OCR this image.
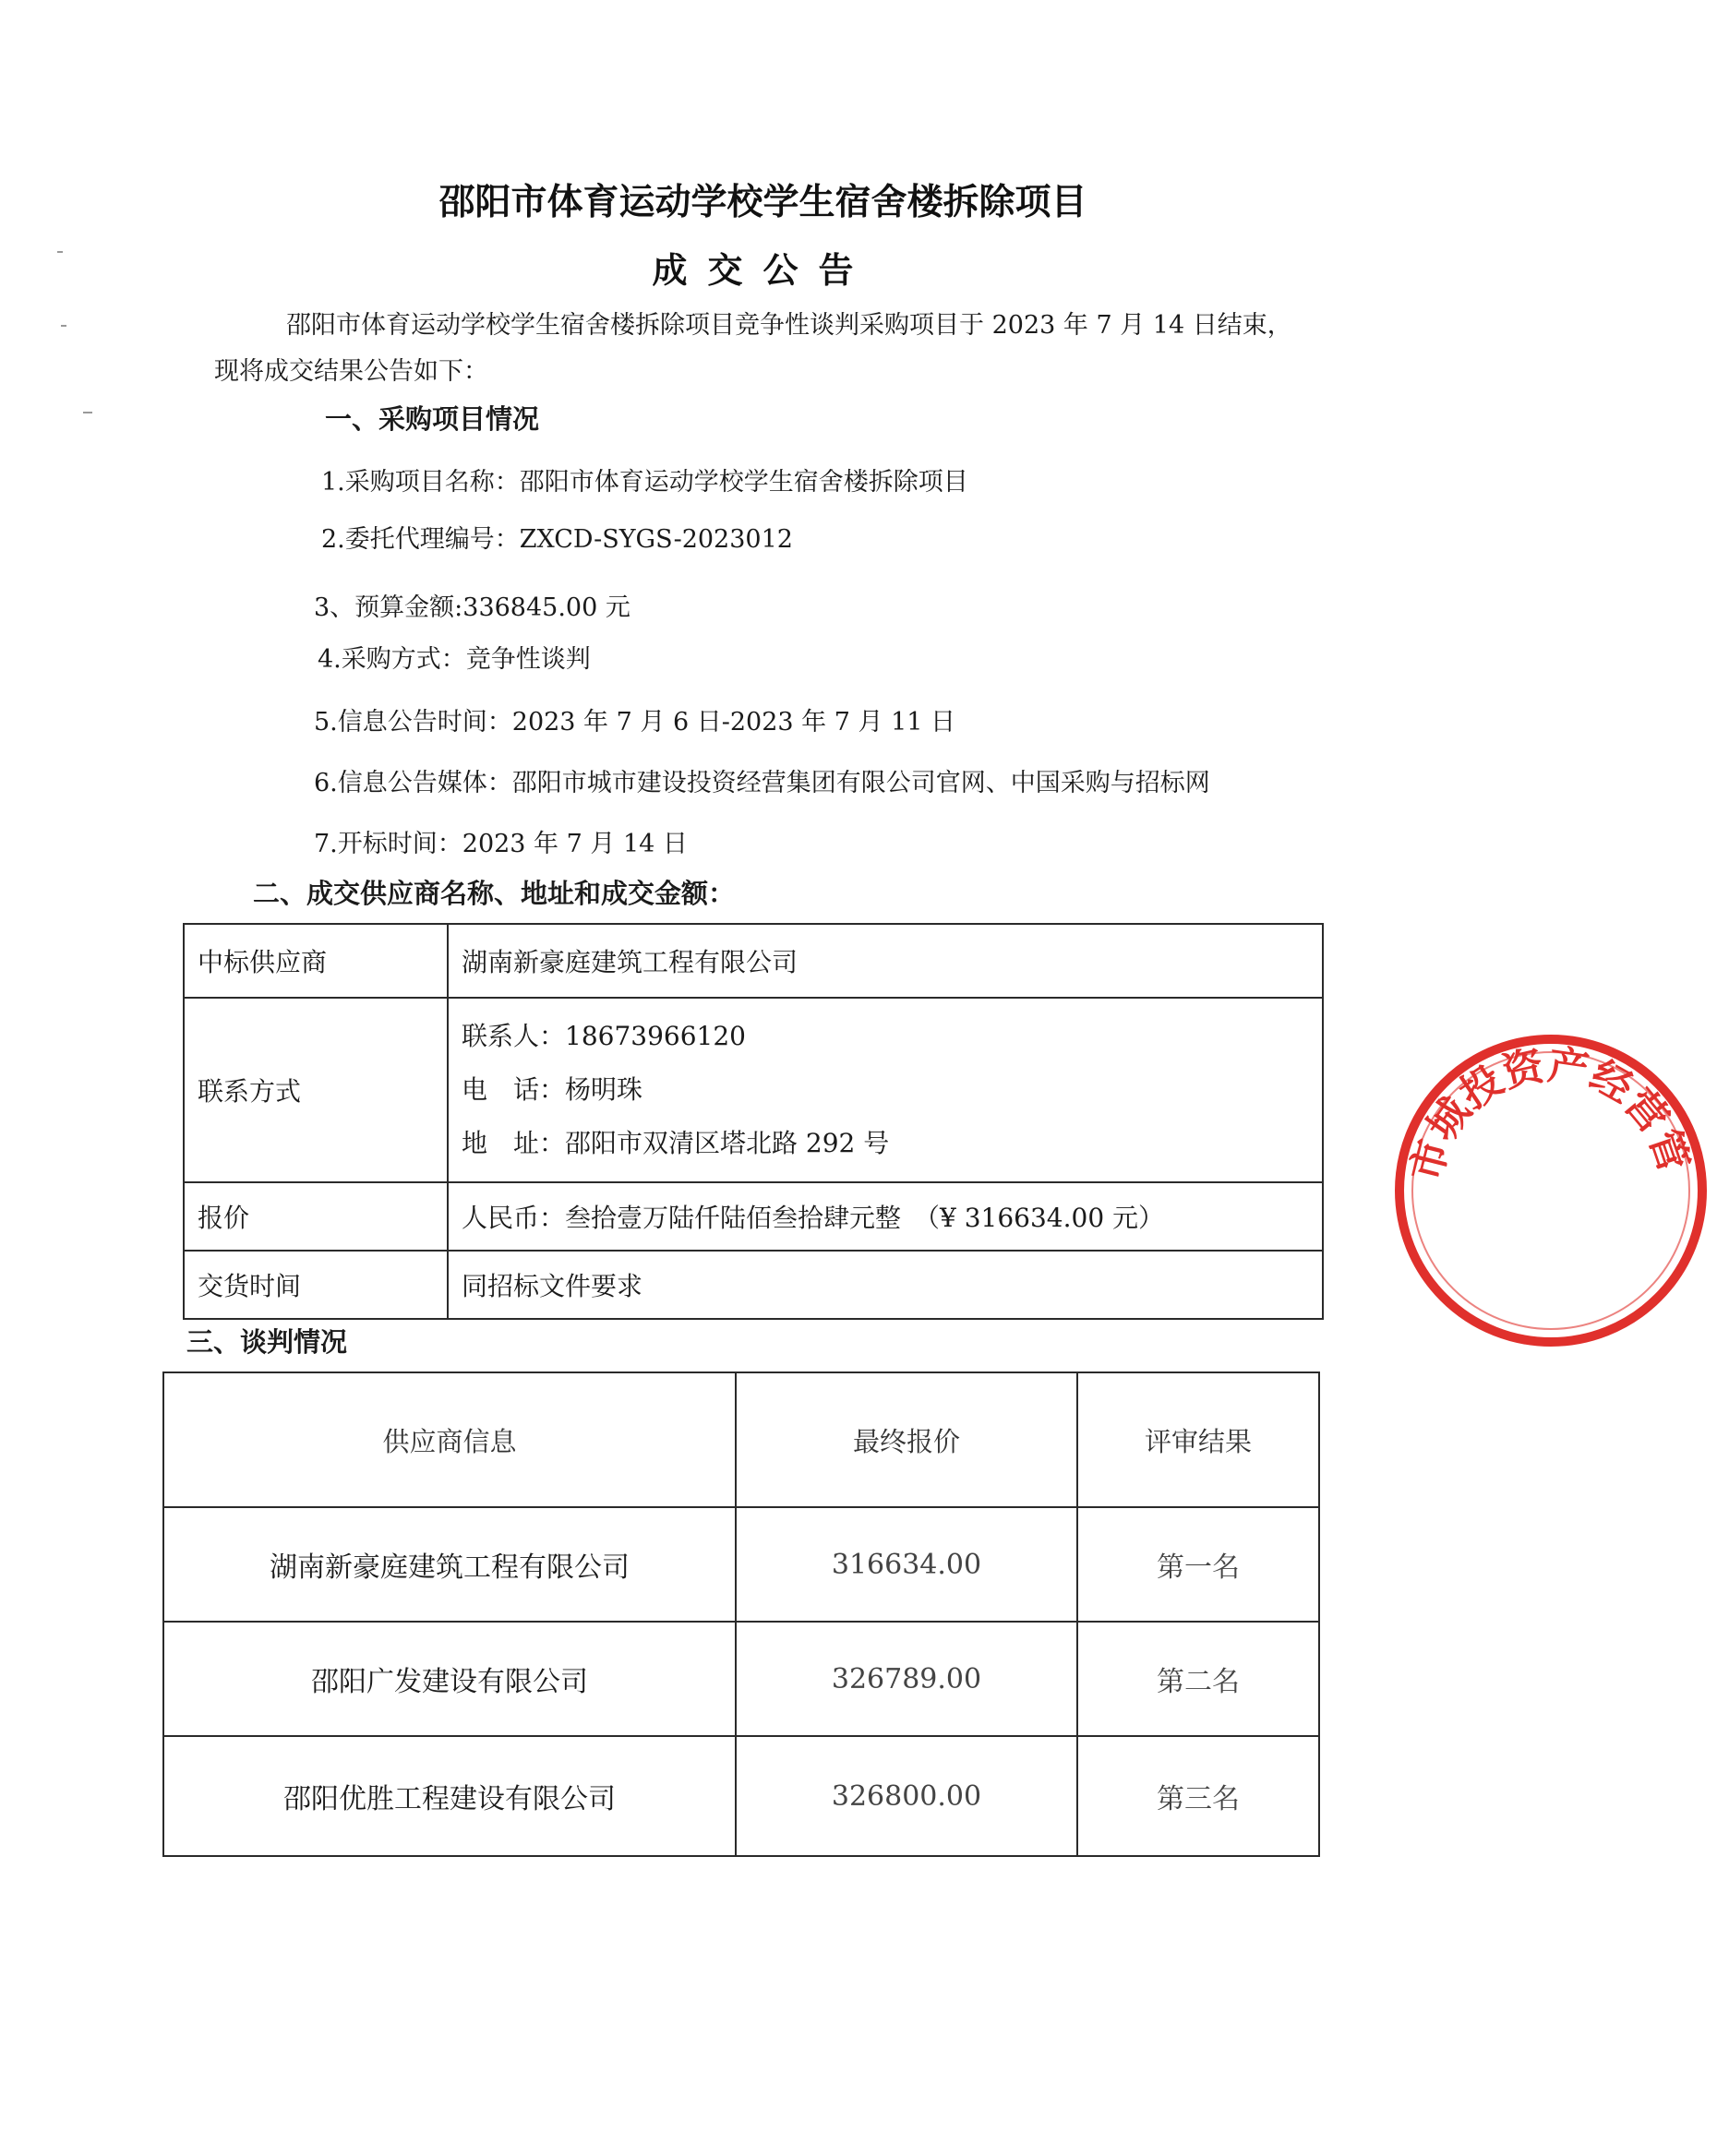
邵阳市体育运动学校学生宿舍楼拆除项目
成交公告
邵阳市体育运动学校学生宿舍楼拆除项目竞争性谈判采购项目于 2023 年 7 月 14 日结束，
现将成交结果公告如下：
一、采购项目情况
1.采购项目名称：邵阳市体育运动学校学生宿舍楼拆除项目
2.委托代理编号：ZXCD-SYGS-2023012
3、预算金额:336845.00 元
4.采购方式：竞争性谈判
5.信息公告时间：2023 年 7 月 6 日-2023 年 7 月 11 日
6.信息公告媒体：邵阳市城市建设投资经营集团有限公司官网、中国采购与招标网
7.开标时间：2023 年 7 月 14 日
二、成交供应商名称、地址和成交金额：
中标供应商	湖南新豪庭建筑工程有限公司
联系方式	联系人：18673966120
电　话：杨明珠
地　址：邵阳市双清区塔北路 292 号

报价	人民币：叁拾壹万陆仟陆佰叁拾肆元整　（¥ 316634.00 元）
交货时间	同招标文件要求
三、谈判情况
供应商信息	最终报价	评审结果
湖南新豪庭建筑工程有限公司	316634.00	第一名
邵阳广发建设有限公司	326789.00	第二名
邵阳优胜工程建设有限公司	326800.00	第三名
市城投资产经营管
